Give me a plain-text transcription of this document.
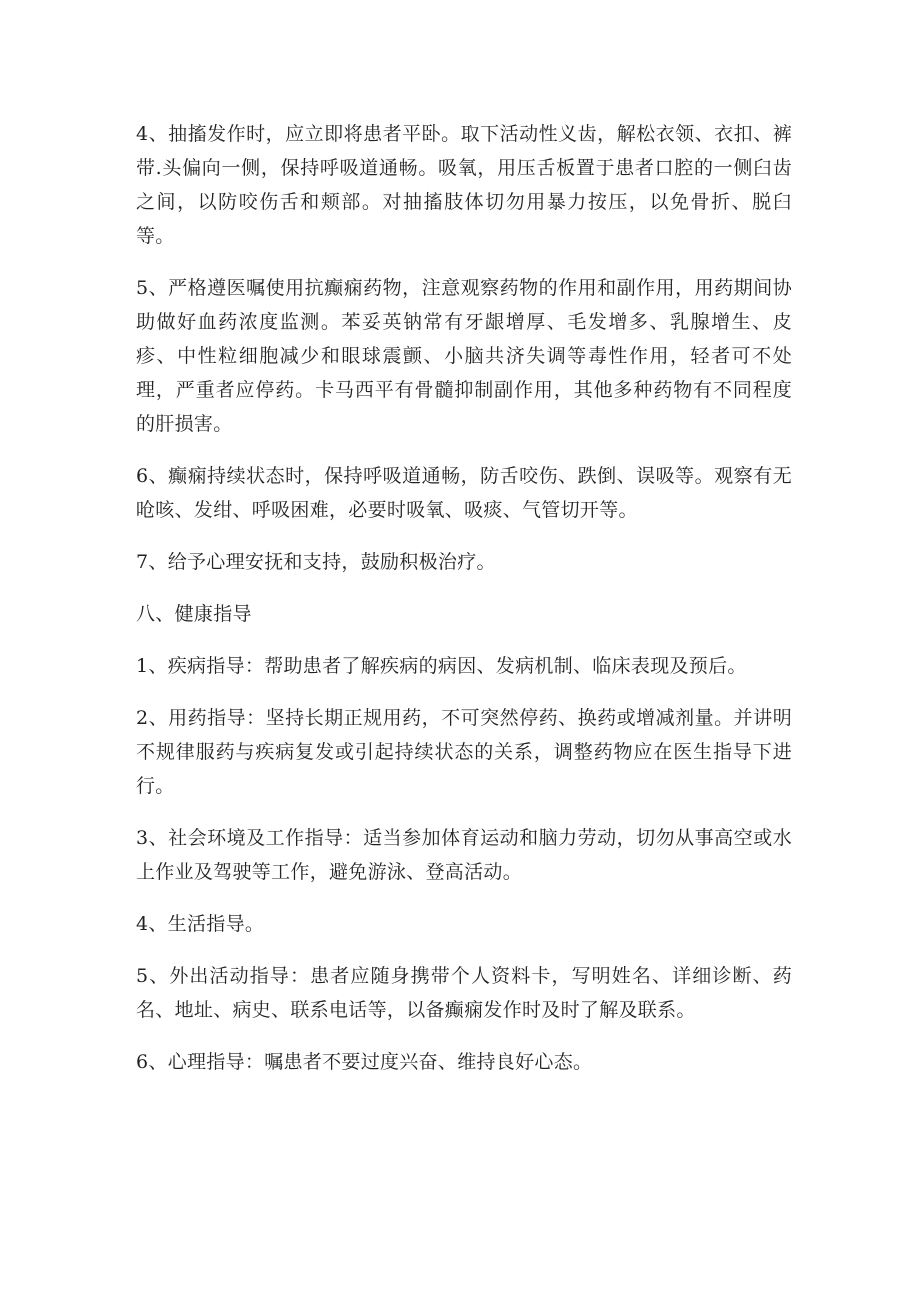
4、抽搐发作时，应立即将患者平卧。取下活动性义齿，解松衣领、衣扣、裤带.头偏向一侧，保持呼吸道通畅。吸氧，用压舌板置于患者口腔的一侧臼齿之间，以防咬伤舌和颊部。对抽搐肢体切勿用暴力按压，以免骨折、脱臼等。

5、严格遵医嘱使用抗癫痫药物，注意观察药物的作用和副作用，用药期间协助做好血药浓度监测。苯妥英钠常有牙龈增厚、毛发增多、乳腺增生、皮疹、中性粒细胞减少和眼球震颤、小脑共济失调等毒性作用，轻者可不处理，严重者应停药。卡马西平有骨髓抑制副作用，其他多种药物有不同程度的肝损害。

6、癫痫持续状态时，保持呼吸道通畅，防舌咬伤、跌倒、误吸等。观察有无呛咳、发绀、呼吸困难，必要时吸氧、吸痰、气管切开等。

7、给予心理安抚和支持，鼓励积极治疗。

八、健康指导

1、疾病指导：帮助患者了解疾病的病因、发病机制、临床表现及预后。

2、用药指导：坚持长期正规用药，不可突然停药、换药或增减剂量。并讲明不规律服药与疾病复发或引起持续状态的关系，调整药物应在医生指导下进行。

3、社会环境及工作指导：适当参加体育运动和脑力劳动，切勿从事高空或水上作业及驾驶等工作，避免游泳、登高活动。

4、生活指导。

5、外出活动指导：患者应随身携带个人资料卡，写明姓名、详细诊断、药名、地址、病史、联系电话等，以备癫痫发作时及时了解及联系。

6、心理指导：嘱患者不要过度兴奋、维持良好心态。
